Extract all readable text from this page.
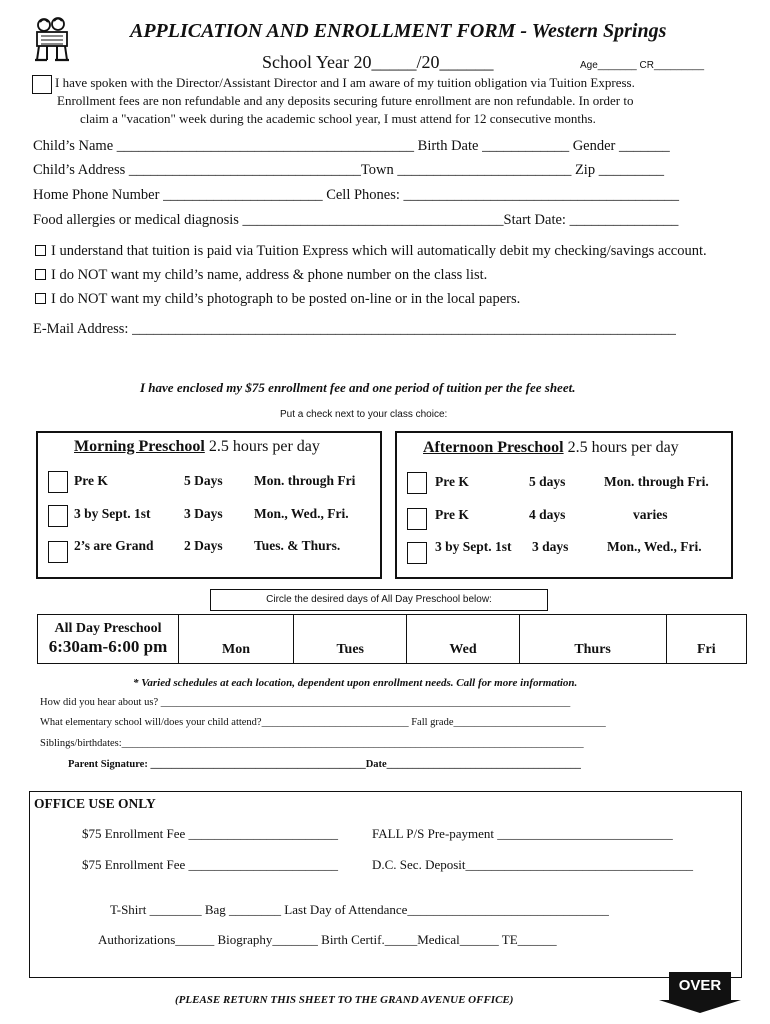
APPLICATION AND ENROLLMENT FORM - Western Springs
School Year 20_____/20______	Age_______ CR_________
I have spoken with the Director/Assistant Director and I am aware of my tuition obligation via Tuition Express.
Enrollment fees are non refundable and any deposits securing future enrollment are non refundable. In order to
claim a "vacation" week during the academic school year, I must attend for 12 consecutive months.
Child’s Name _________________________________________ Birth Date ____________ Gender _______
Child’s Address ________________________________Town ________________________ Zip _________
Home Phone Number ______________________ Cell Phones: ______________________________________
Food allergies or medical diagnosis ____________________________________Start Date: _______________
I understand that tuition is paid via Tuition Express which will automatically debit my checking/savings account.
I do NOT want my child’s name, address & phone number on the class list.
I do NOT want my child’s photograph to be posted on-line or in the local papers.
E-Mail Address: ___________________________________________________________________________
I have enclosed my $75 enrollment fee and one period of tuition per the fee sheet.
Put a check next to your class choice:
Morning Preschool 2.5 hours per day
Pre K	5 Days Mon. through Fri
3 by Sept. 1st 3 Days Mon., Wed., Fri.
2’s are Grand 2 Days Tues. & Thurs.
Afternoon Preschool 2.5 hours per day
Pre K	5 days	Mon. through Fri.
Pre K	4 days	varies
3 by Sept. 1st 3 days	Mon., Wed., Fri.
Circle the desired days of All Day Preschool below:
All Day Preschool
6:30am-6:00 pm	Mon	Tues	Wed	Thurs	Fri
* Varied schedules at each location, dependent upon enrollment needs. Call for more information.
How did you hear about us? ______________________________________________________________________________
What elementary school will/does your child attend?____________________________ Fall grade_____________________________
Siblings/birthdates:________________________________________________________________________________________
Parent Signature: _________________________________________Date_____________________________________
OFFICE USE ONLY
$75 Enrollment Fee _______________________	FALL P/S Pre-payment ___________________________
$75 Enrollment Fee _______________________	D.C. Sec. Deposit___________________________________
T-Shirt ________ Bag ________ Last Day of Attendance_______________________________
Authorizations______ Biography_______ Birth Certif._____Medical______ TE______
OVER
(PLEASE RETURN THIS SHEET TO THE GRAND AVENUE OFFICE)
